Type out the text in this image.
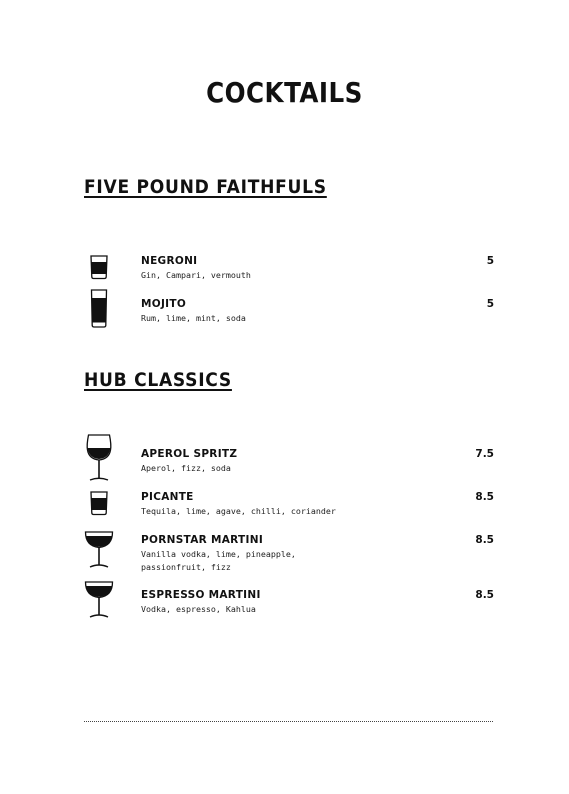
COCKTAILS
FIVE POUND FAITHFULS
NEGRONI
Gin, Campari, vermouth
5
MOJITO
Rum, lime, mint, soda
5
HUB CLASSICS
APEROL SPRITZ
Aperol, fizz, soda
7.5
PICANTE
Tequila, lime, agave, chilli, coriander
8.5
PORNSTAR MARTINI
Vanilla vodka, lime, pineapple, passionfruit, fizz
8.5
ESPRESSO MARTINI
Vodka, espresso, Kahlua
8.5
